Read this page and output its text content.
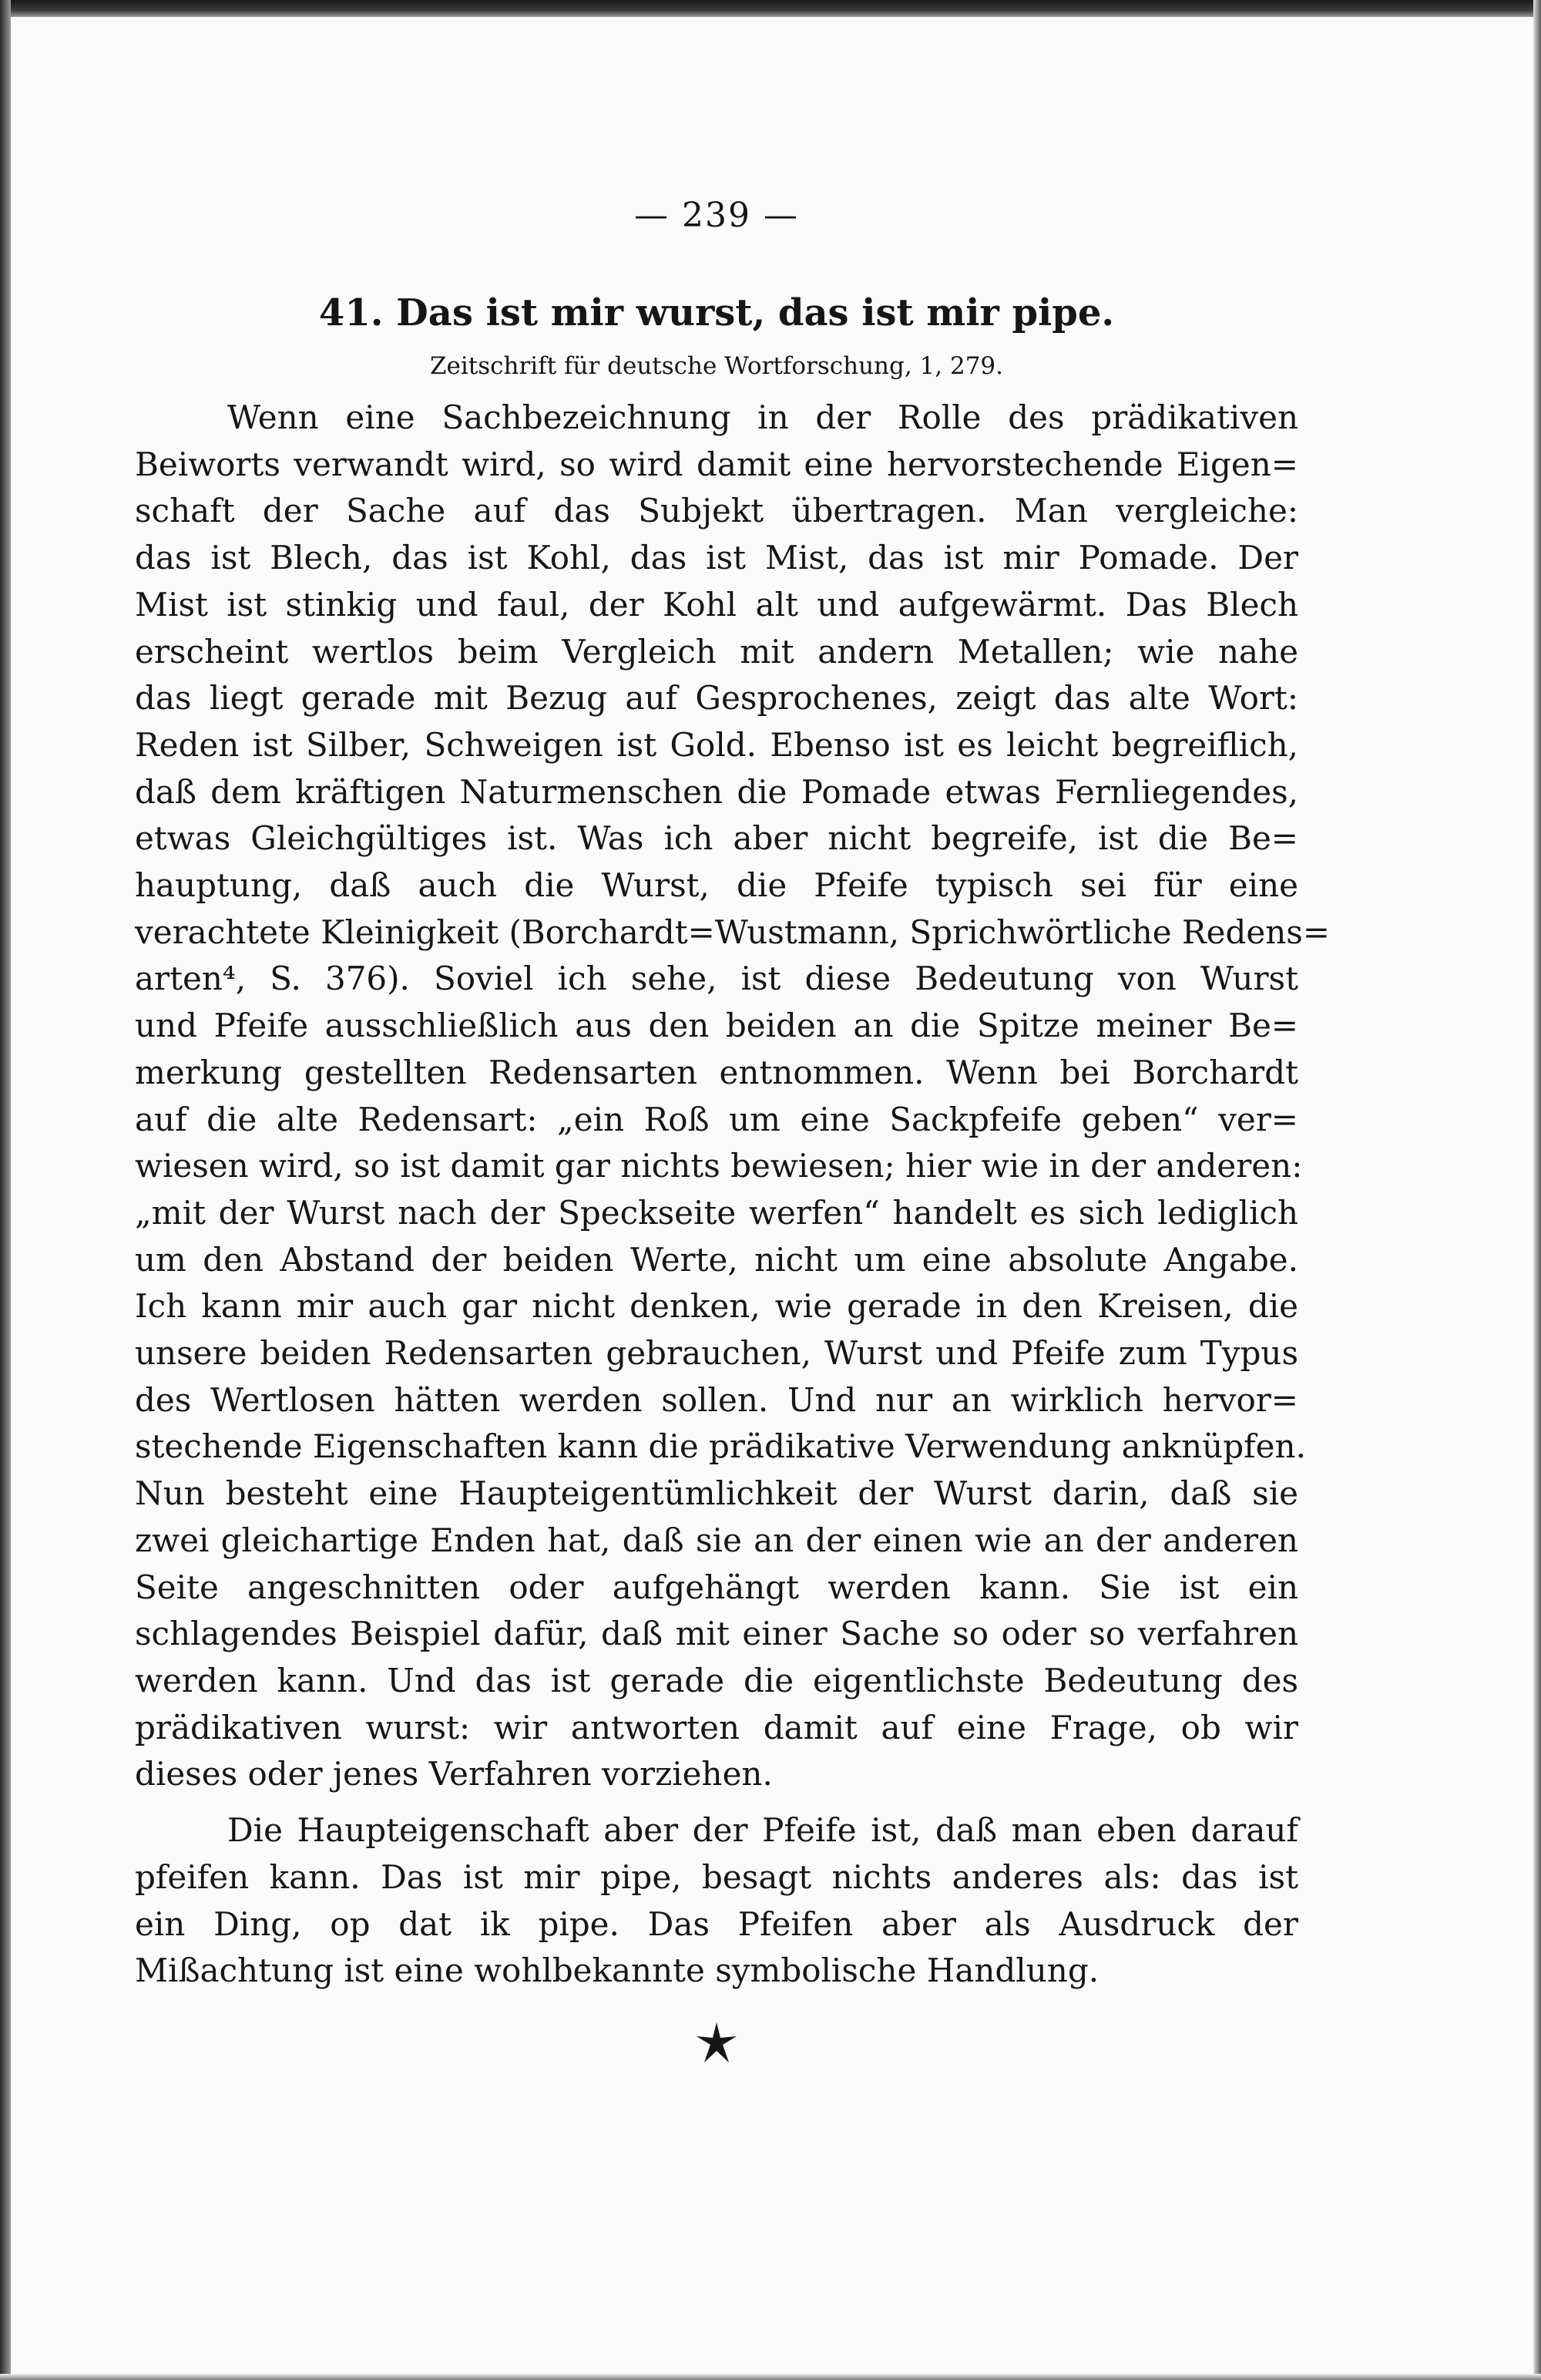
— 239 —
41. Das ist mir wurst, das ist mir pipe.
Zeitschrift für deutsche Wortforschung, 1, 279.
Wenn eine Sachbezeichnung in der Rolle des prädikativen
Beiworts verwandt wird, so wird damit eine hervorstechende Eigen=
schaft der Sache auf das Subjekt übertragen. Man vergleiche:
das ist Blech, das ist Kohl, das ist Mist, das ist mir Pomade. Der
Mist ist stinkig und faul, der Kohl alt und aufgewärmt. Das Blech
erscheint wertlos beim Vergleich mit andern Metallen; wie nahe
das liegt gerade mit Bezug auf Gesprochenes, zeigt das alte Wort:
Reden ist Silber, Schweigen ist Gold. Ebenso ist es leicht begreiflich,
daß dem kräftigen Naturmenschen die Pomade etwas Fernliegendes,
etwas Gleichgültiges ist. Was ich aber nicht begreife, ist die Be=
hauptung, daß auch die Wurst, die Pfeife typisch sei für eine
verachtete Kleinigkeit (Borchardt=Wustmann, Sprichwörtliche Redens=
arten⁴, S. 376). Soviel ich sehe, ist diese Bedeutung von Wurst
und Pfeife ausschließlich aus den beiden an die Spitze meiner Be=
merkung gestellten Redensarten entnommen. Wenn bei Borchardt
auf die alte Redensart: „ein Roß um eine Sackpfeife geben“ ver=
wiesen wird, so ist damit gar nichts bewiesen; hier wie in der anderen:
„mit der Wurst nach der Speckseite werfen“ handelt es sich lediglich
um den Abstand der beiden Werte, nicht um eine absolute Angabe.
Ich kann mir auch gar nicht denken, wie gerade in den Kreisen, die
unsere beiden Redensarten gebrauchen, Wurst und Pfeife zum Typus
des Wertlosen hätten werden sollen. Und nur an wirklich hervor=
stechende Eigenschaften kann die prädikative Verwendung anknüpfen.
Nun besteht eine Haupteigentümlichkeit der Wurst darin, daß sie
zwei gleichartige Enden hat, daß sie an der einen wie an der anderen
Seite angeschnitten oder aufgehängt werden kann. Sie ist ein
schlagendes Beispiel dafür, daß mit einer Sache so oder so verfahren
werden kann. Und das ist gerade die eigentlichste Bedeutung des
prädikativen wurst: wir antworten damit auf eine Frage, ob wir
dieses oder jenes Verfahren vorziehen.
Die Haupteigenschaft aber der Pfeife ist, daß man eben darauf
pfeifen kann. Das ist mir pipe, besagt nichts anderes als: das ist
ein Ding, op dat ik pipe. Das Pfeifen aber als Ausdruck der
Mißachtung ist eine wohlbekannte symbolische Handlung.
